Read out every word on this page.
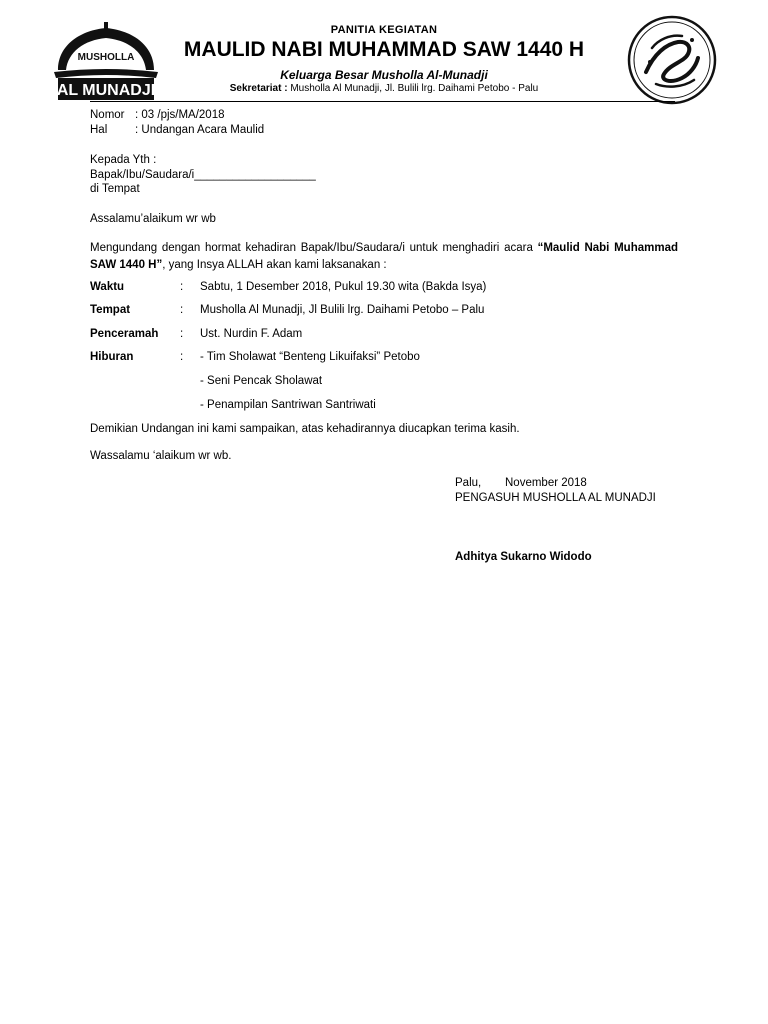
MUSHOLLA
AL MUNADJI
PANITIA KEGIATAN
MAULID NABI MUHAMMAD SAW 1440 H
Keluarga Besar Musholla Al-Munadji
Sekretariat : Musholla Al Munadji, Jl. Bulili lrg. Daihami Petobo - Palu
Nomor : 03 /pjs/MA/2018
Hal : Undangan Acara Maulid
Kepada Yth :
Bapak/Ibu/Saudara/i___________________
di Tempat
Assalamu’alaikum wr wb
Mengundang dengan hormat kehadiran Bapak/Ibu/Saudara/i untuk menghadiri acara “Maulid Nabi Muhammad SAW 1440 H”, yang Insya ALLAH akan kami laksanakan :
Waktu	: Sabtu, 1 Desember 2018, Pukul 19.30 wita (Bakda Isya)
Tempat	: Musholla Al Munadji, Jl Bulili lrg. Daihami Petobo – Palu
Penceramah : Ust. Nurdin F. Adam
Hiburan	: - Tim Sholawat “Benteng Likuifaksi” Petobo
- Seni Pencak Sholawat
- Penampilan Santriwan Santriwati
Demikian Undangan ini kami sampaikan, atas kehadirannya diucapkan terima kasih.
Wassalamu ‘alaikum wr wb.
Palu, November 2018
PENGASUH MUSHOLLA AL MUNADJI
Adhitya Sukarno Widodo
